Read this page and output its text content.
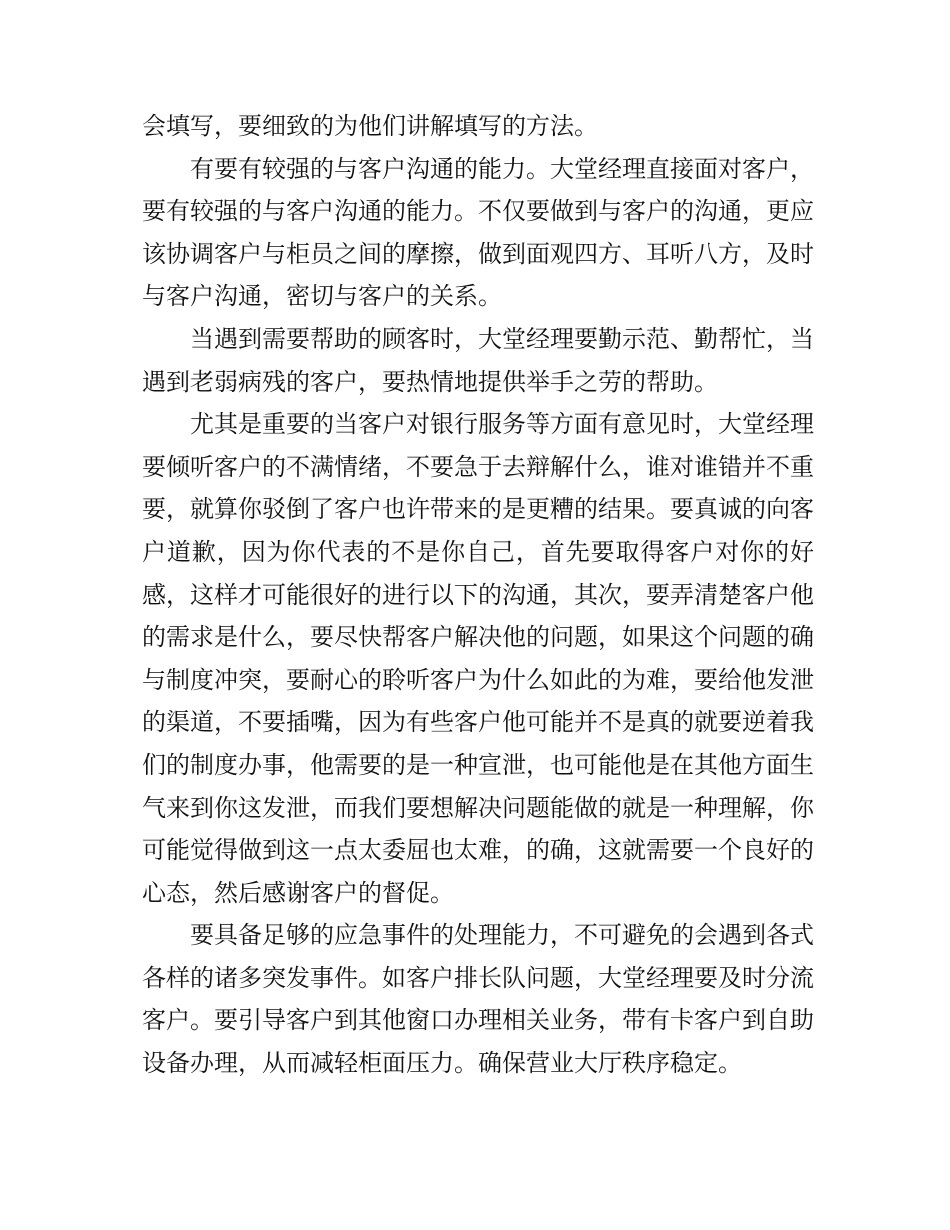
会填写，要细致的为他们讲解填写的方法。

有要有较强的与客户沟通的能力。大堂经理直接面对客户，要有较强的与客户沟通的能力。不仅要做到与客户的沟通，更应该协调客户与柜员之间的摩擦，做到面观四方、耳听八方，及时与客户沟通，密切与客户的关系。

当遇到需要帮助的顾客时，大堂经理要勤示范、勤帮忙，当遇到老弱病残的客户，要热情地提供举手之劳的帮助。

尤其是重要的当客户对银行服务等方面有意见时，大堂经理要倾听客户的不满情绪，不要急于去辩解什么，谁对谁错并不重要，就算你驳倒了客户也许带来的是更糟的结果。要真诚的向客户道歉，因为你代表的不是你自己，首先要取得客户对你的好感，这样才可能很好的进行以下的沟通，其次，要弄清楚客户他的需求是什么，要尽快帮客户解决他的问题，如果这个问题的确与制度冲突，要耐心的聆听客户为什么如此的为难，要给他发泄的渠道，不要插嘴，因为有些客户他可能并不是真的就要逆着我们的制度办事，他需要的是一种宣泄，也可能他是在其他方面生气来到你这发泄，而我们要想解决问题能做的就是一种理解，你可能觉得做到这一点太委屈也太难，的确，这就需要一个良好的心态，然后感谢客户的督促。

要具备足够的应急事件的处理能力，不可避免的会遇到各式各样的诸多突发事件。如客户排长队问题，大堂经理要及时分流客户。要引导客户到其他窗口办理相关业务，带有卡客户到自助设备办理，从而减轻柜面压力。确保营业大厅秩序稳定。
